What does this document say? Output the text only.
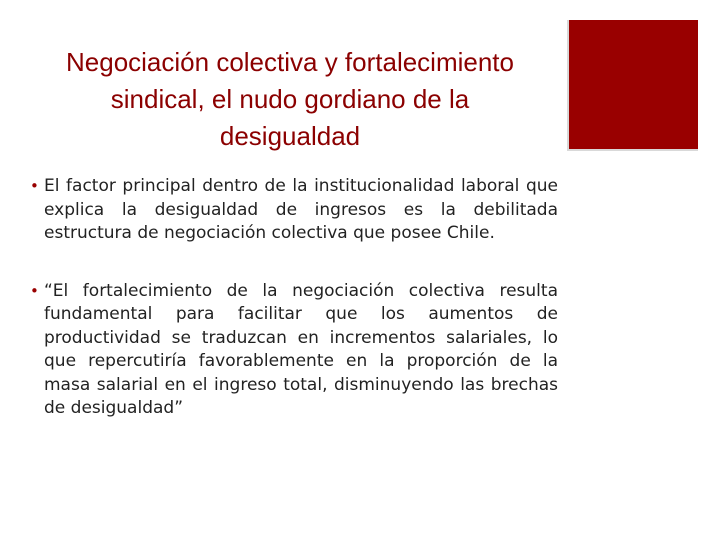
Negociación colectiva y fortalecimiento sindical, el nudo gordiano de la desigualdad
• El factor principal dentro de la institucionalidad laboral que explica la desigualdad de ingresos es la debilitada estructura de negociación colectiva que posee Chile.
• “El fortalecimiento de la negociación colectiva resulta fundamental para facilitar que los aumentos de productividad se traduzcan en incrementos salariales, lo que repercutiría favorablemente en la proporción de la masa salarial en el ingreso total, disminuyendo las brechas de desigualdad”
